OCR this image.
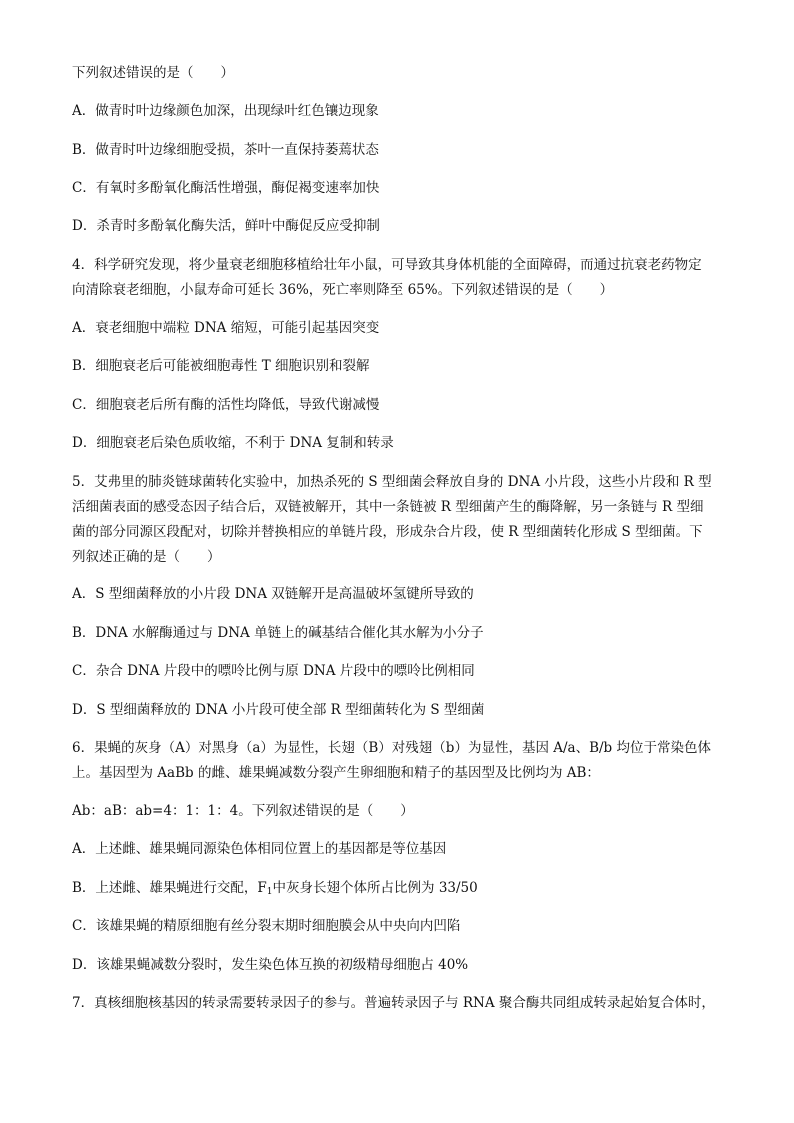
下列叙述错误的是（　　）
A．做青时叶边缘颜色加深，出现绿叶红色镶边现象
B．做青时叶边缘细胞受损，茶叶一直保持萎蔫状态
C．有氧时多酚氧化酶活性增强，酶促褐变速率加快
D．杀青时多酚氧化酶失活，鲜叶中酶促反应受抑制
4．科学研究发现，将少量衰老细胞移植给壮年小鼠，可导致其身体机能的全面障碍，而通过抗衰老药物定
向清除衰老细胞，小鼠寿命可延长 36%，死亡率则降至 65%。下列叙述错误的是（　　）
A．衰老细胞中端粒 DNA 缩短，可能引起基因突变
B．细胞衰老后可能被细胞毒性 T 细胞识别和裂解
C．细胞衰老后所有酶的活性均降低，导致代谢减慢
D．细胞衰老后染色质收缩，不利于 DNA 复制和转录
5．艾弗里的肺炎链球菌转化实验中，加热杀死的 S 型细菌会释放自身的 DNA 小片段，这些小片段和 R 型
活细菌表面的感受态因子结合后，双链被解开，其中一条链被 R 型细菌产生的酶降解，另一条链与 R 型细
菌的部分同源区段配对，切除并替换相应的单链片段，形成杂合片段，使 R 型细菌转化形成 S 型细菌。下
列叙述正确的是（　　）
A．S 型细菌释放的小片段 DNA 双链解开是高温破坏氢键所导致的
B．DNA 水解酶通过与 DNA 单链上的碱基结合催化其水解为小分子
C．杂合 DNA 片段中的嘌呤比例与原 DNA 片段中的嘌呤比例相同
D．S 型细菌释放的 DNA 小片段可使全部 R 型细菌转化为 S 型细菌
6．果蝇的灰身（A）对黑身（a）为显性，长翅（B）对残翅（b）为显性，基因 A/a、B/b 均位于常染色体
上。基因型为 AaBb 的雌、雄果蝇减数分裂产生卵细胞和精子的基因型及比例均为 AB：
Ab：aB：ab=4：1：1：4。下列叙述错误的是（　　）
A．上述雌、雄果蝇同源染色体相同位置上的基因都是等位基因
B．上述雌、雄果蝇进行交配，$F_1$中灰身长翅个体所占比例为 33/50
C．该雄果蝇的精原细胞有丝分裂末期时细胞膜会从中央向内凹陷
D．该雄果蝇减数分裂时，发生染色体互换的初级精母细胞占 40%
7．真核细胞核基因的转录需要转录因子的参与。普遍转录因子与 RNA 聚合酶共同组成转录起始复合体时，
